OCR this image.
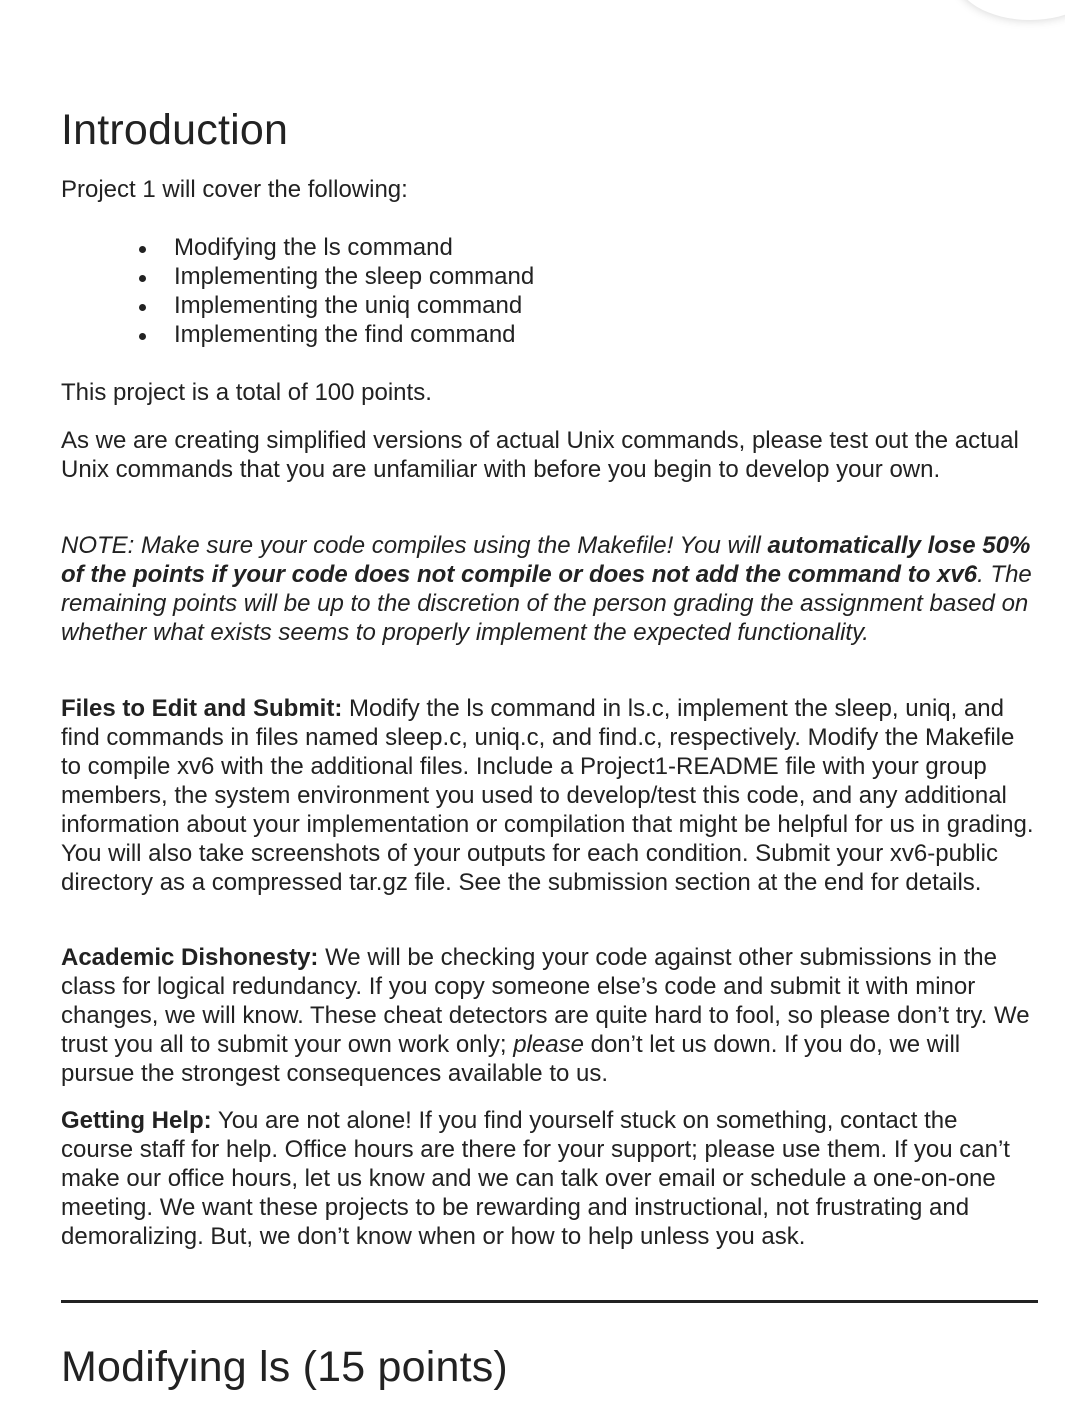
Introduction

Project 1 will cover the following:

Modifying the ls command
Implementing the sleep command
Implementing the uniq command
Implementing the find command

This project is a total of 100 points.

As we are creating simplified versions of actual Unix commands, please test out the actual Unix commands that you are unfamiliar with before you begin to develop your own.

NOTE: Make sure your code compiles using the Makefile! You will automatically lose 50% of the points if your code does not compile or does not add the command to xv6. The remaining points will be up to the discretion of the person grading the assignment based on whether what exists seems to properly implement the expected functionality.

Files to Edit and Submit: Modify the ls command in ls.c, implement the sleep, uniq, and find commands in files named sleep.c, uniq.c, and find.c, respectively. Modify the Makefile to compile xv6 with the additional files. Include a Project1-README file with your group members, the system environment you used to develop/test this code, and any additional information about your implementation or compilation that might be helpful for us in grading. You will also take screenshots of your outputs for each condition. Submit your xv6-public directory as a compressed tar.gz file. See the submission section at the end for details.

Academic Dishonesty: We will be checking your code against other submissions in the class for logical redundancy. If you copy someone else’s code and submit it with minor changes, we will know. These cheat detectors are quite hard to fool, so please don’t try. We trust you all to submit your own work only; please don’t let us down. If you do, we will pursue the strongest consequences available to us.

Getting Help: You are not alone! If you find yourself stuck on something, contact the course staff for help. Office hours are there for your support; please use them. If you can’t make our office hours, let us know and we can talk over email or schedule a one-on-one meeting. We want these projects to be rewarding and instructional, not frustrating and demoralizing. But, we don’t know when or how to help unless you ask.

Modifying ls (15 points)
